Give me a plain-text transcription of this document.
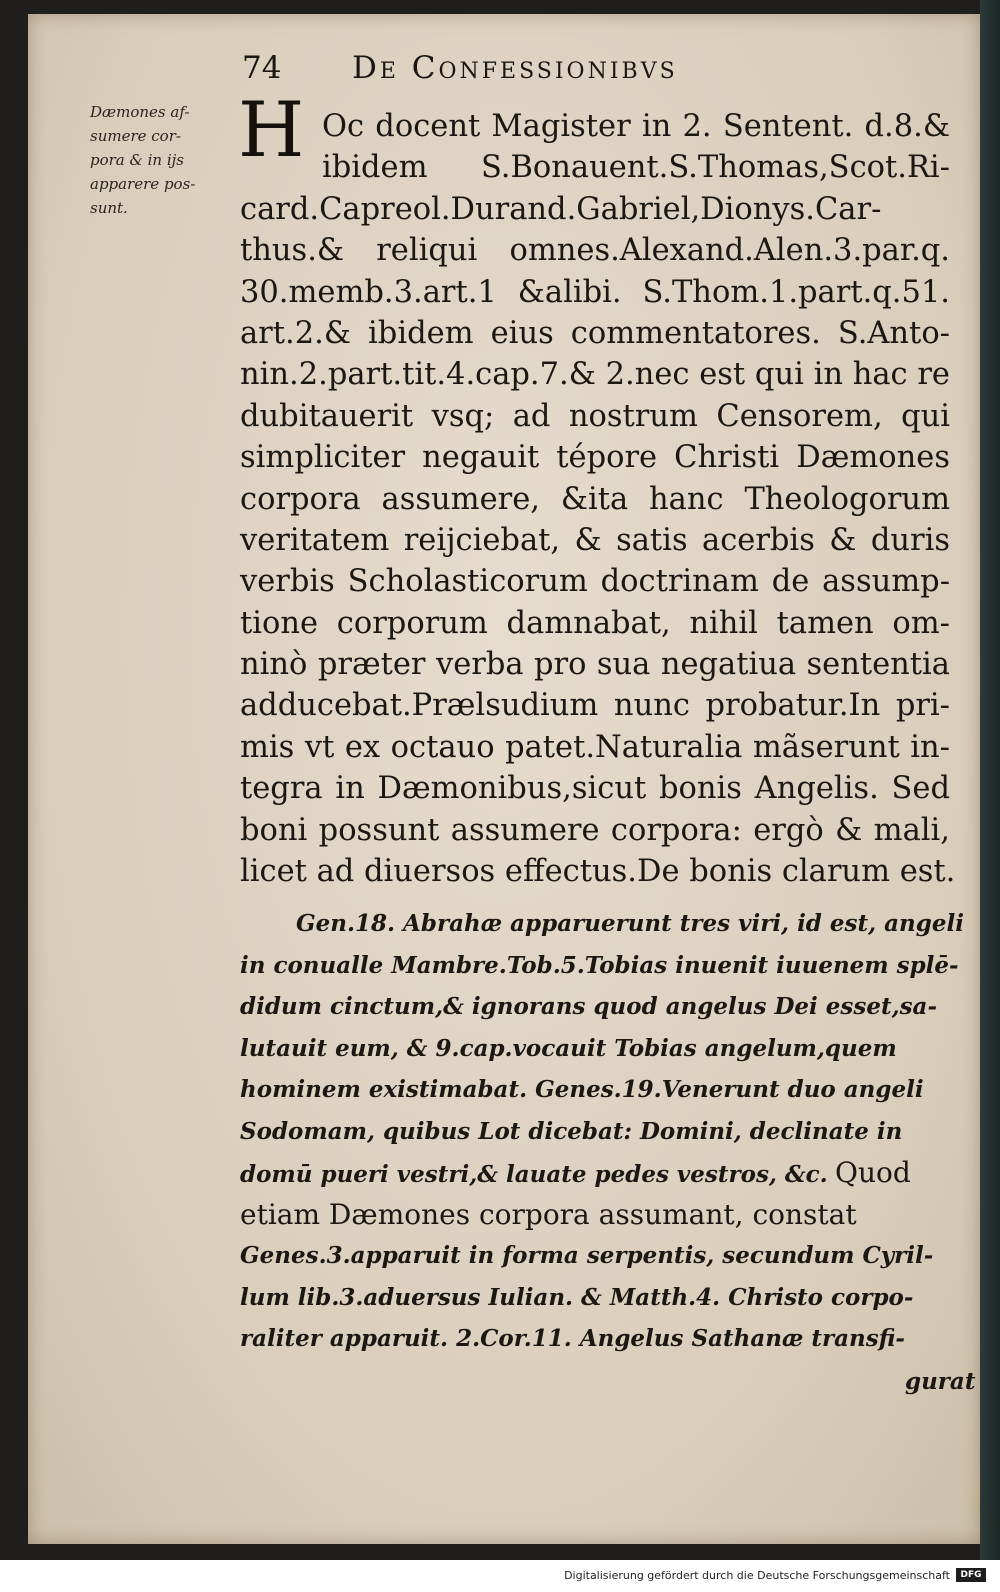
74 De Confessionibvs
Dæmones af-
sumere cor-
pora & in ijs
apparere pos-
sunt.
H Oc docent Magister in 2. Sentent. d.8.&
ibidem S.Bonauent.S.Thomas,Scot.Ri-
card.Capreol.Durand.Gabriel,Dionys.Car-
thus.& reliqui omnes.Alexand.Alen.3.par.q.
30.memb.3.art.1 &alibi. S.Thom.1.part.q.51.
art.2.& ibidem eius commentatores. S.Anto-
nin.2.part.tit.4.cap.7.& 2.nec est qui in hac re
dubitauerit vsq; ad nostrum Censorem, qui
simpliciter negauit tépore Christi Dæmones
corpora assumere, &ita hanc Theologorum
veritatem reijciebat, & satis acerbis & duris
verbis Scholasticorum doctrinam de assump-
tione corporum damnabat, nihil tamen om-
ninò præter verba pro sua negatiua sententia
adducebat.Prælsudium nunc probatur.In pri-
mis vt ex octauo patet.Naturalia mãserunt in-
tegra in Dæmonibus,sicut bonis Angelis. Sed
boni possunt assumere corpora: ergò & mali,
licet ad diuersos effectus.De bonis clarum est.
Gen.18. Abrahæ apparuerunt tres viri, id est, angeli
in conualle Mambre.Tob.5.Tobias inuenit iuuenem splē-
didum cinctum,& ignorans quod angelus Dei esset,sa-
lutauit eum, & 9.cap.vocauit Tobias angelum,quem
hominem existimabat. Genes.19.Venerunt duo angeli
Sodomam, quibus Lot dicebat: Domini, declinate in
domū pueri vestri,& lauate pedes vestros, &c. Quod
etiam Dæmones corpora assumant, constat
Genes.3.apparuit in forma serpentis, secundum Cyril-
lum lib.3.aduersus Iulian. & Matth.4. Christo corpo-
raliter apparuit. 2.Cor.11. Angelus Sathanæ transfi-
gurat
Digitalisierung gefördert durch die Deutsche Forschungsgemeinschaft	DFG
